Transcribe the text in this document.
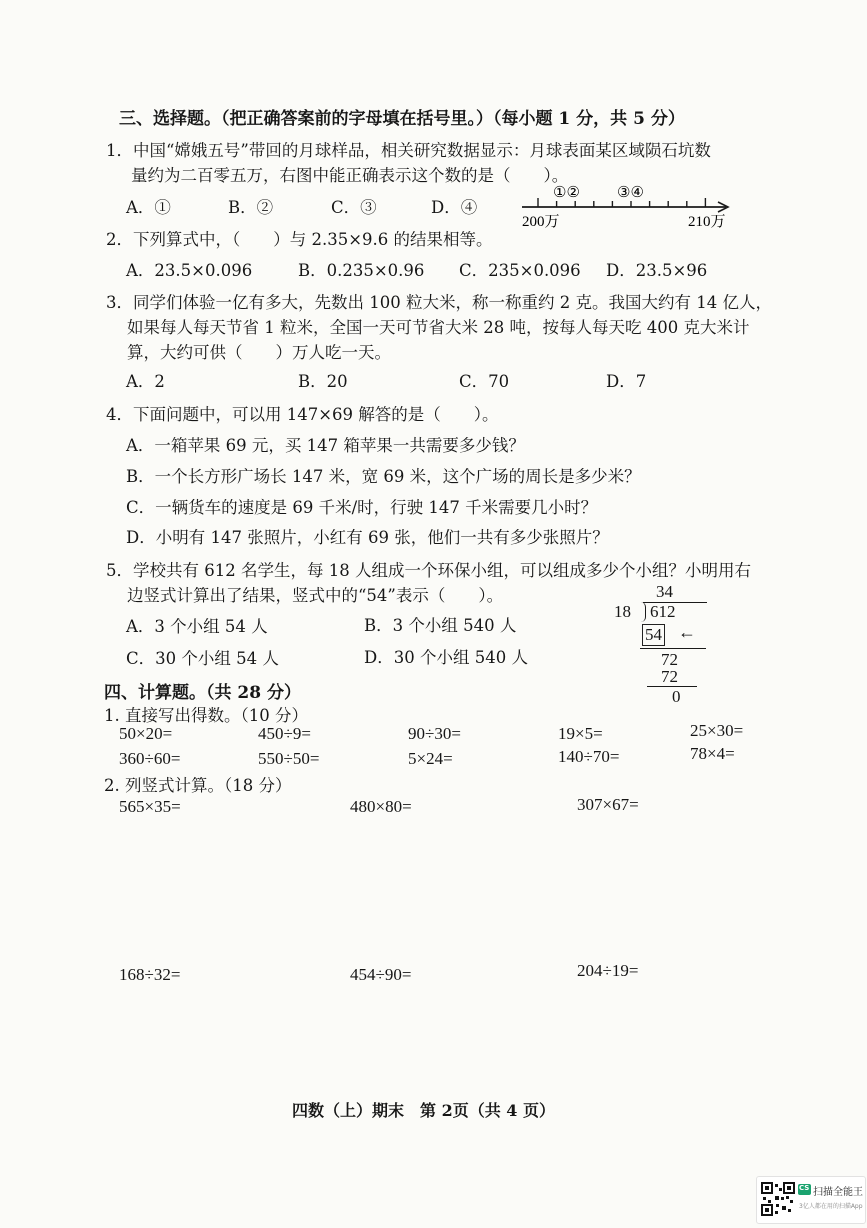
三、选择题。（把正确答案前的字母填在括号里。）（每小题 1 分，共 5 分）
1．中国“嫦娥五号”带回的月球样品，相关研究数据显示：月球表面某区域陨石坑数
量约为二百零五万，右图中能正确表示这个数的是（　　）。
A．①	B．②	C．③	D．④
①② ③④
200万	210万
2．下列算式中，（　　）与 2.35×9.6 的结果相等。
A．23.5×0.096	B．0.235×0.96 C．235×0.096 D．23.5×96
3．同学们体验一亿有多大，先数出 100 粒大米，称一称重约 2 克。我国大约有 14 亿人，
如果每人每天节省 1 粒米，全国一天可节省大米 28 吨，按每人每天吃 400 克大米计
算，大约可供（　　）万人吃一天。
A．2	B．20	C．70	D．7
4．下面问题中，可以用 147×69 解答的是（　　）。
A．一箱苹果 69 元，买 147 箱苹果一共需要多少钱？
B．一个长方形广场长 147 米，宽 69 米，这个广场的周长是多少米？
C．一辆货车的速度是 69 千米/时，行驶 147 千米需要几小时？
D．小明有 147 张照片，小红有 69 张，他们一共有多少张照片？
5．学校共有 612 名学生，每 18 人组成一个环保小组，可以组成多少个小组？小明用右
边竖式计算出了结果，竖式中的“54”表示（　　）。
A．3 个小组 54 人	B．3 个小组 540 人
C．30 个小组 54 人	D．30 个小组 540 人
34
18 612
54 ←
72
72
0
四、计算题。（共 28 分）
1. 直接写出得数。（10 分）
50×20=	450÷9=	90÷30=	19×5=	25×30=
360÷60=	550÷50=	5×24=	140÷70=	78×4=
2. 列竖式计算。（18 分）
565×35=	480×80=	307×67=
168÷32=	454÷90=	204÷19=
四数（上）期末　第 2页（共 4 页）
CS 扫描全能王
3亿人都在用的扫描App
